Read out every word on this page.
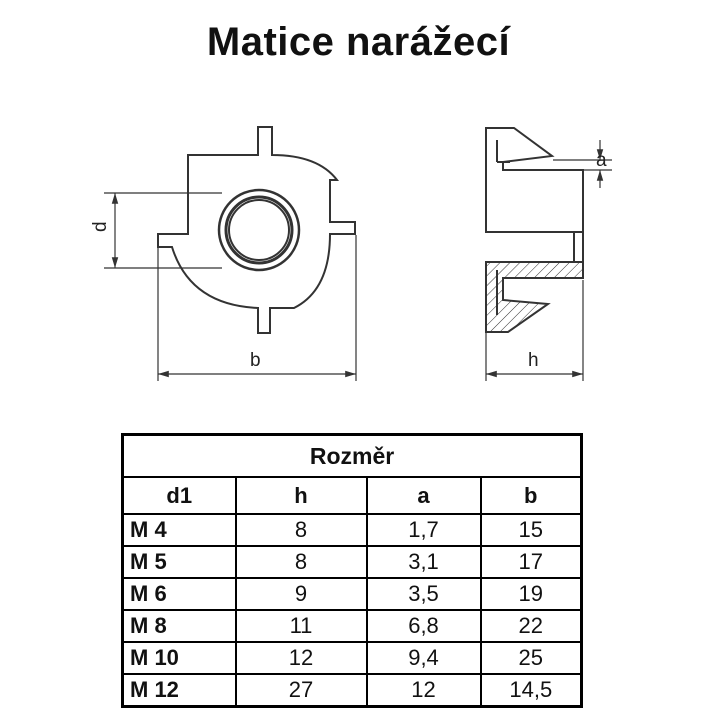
Matice narážecí
d
b
a
h
Rozměr			
d1	h	a	b
M 4	8	1,7	15
M 5	8	3,1	17
M 6	9	3,5	19
M 8	11	6,8	22
M 10	12	9,4	25
M 12	27	12	14,5
